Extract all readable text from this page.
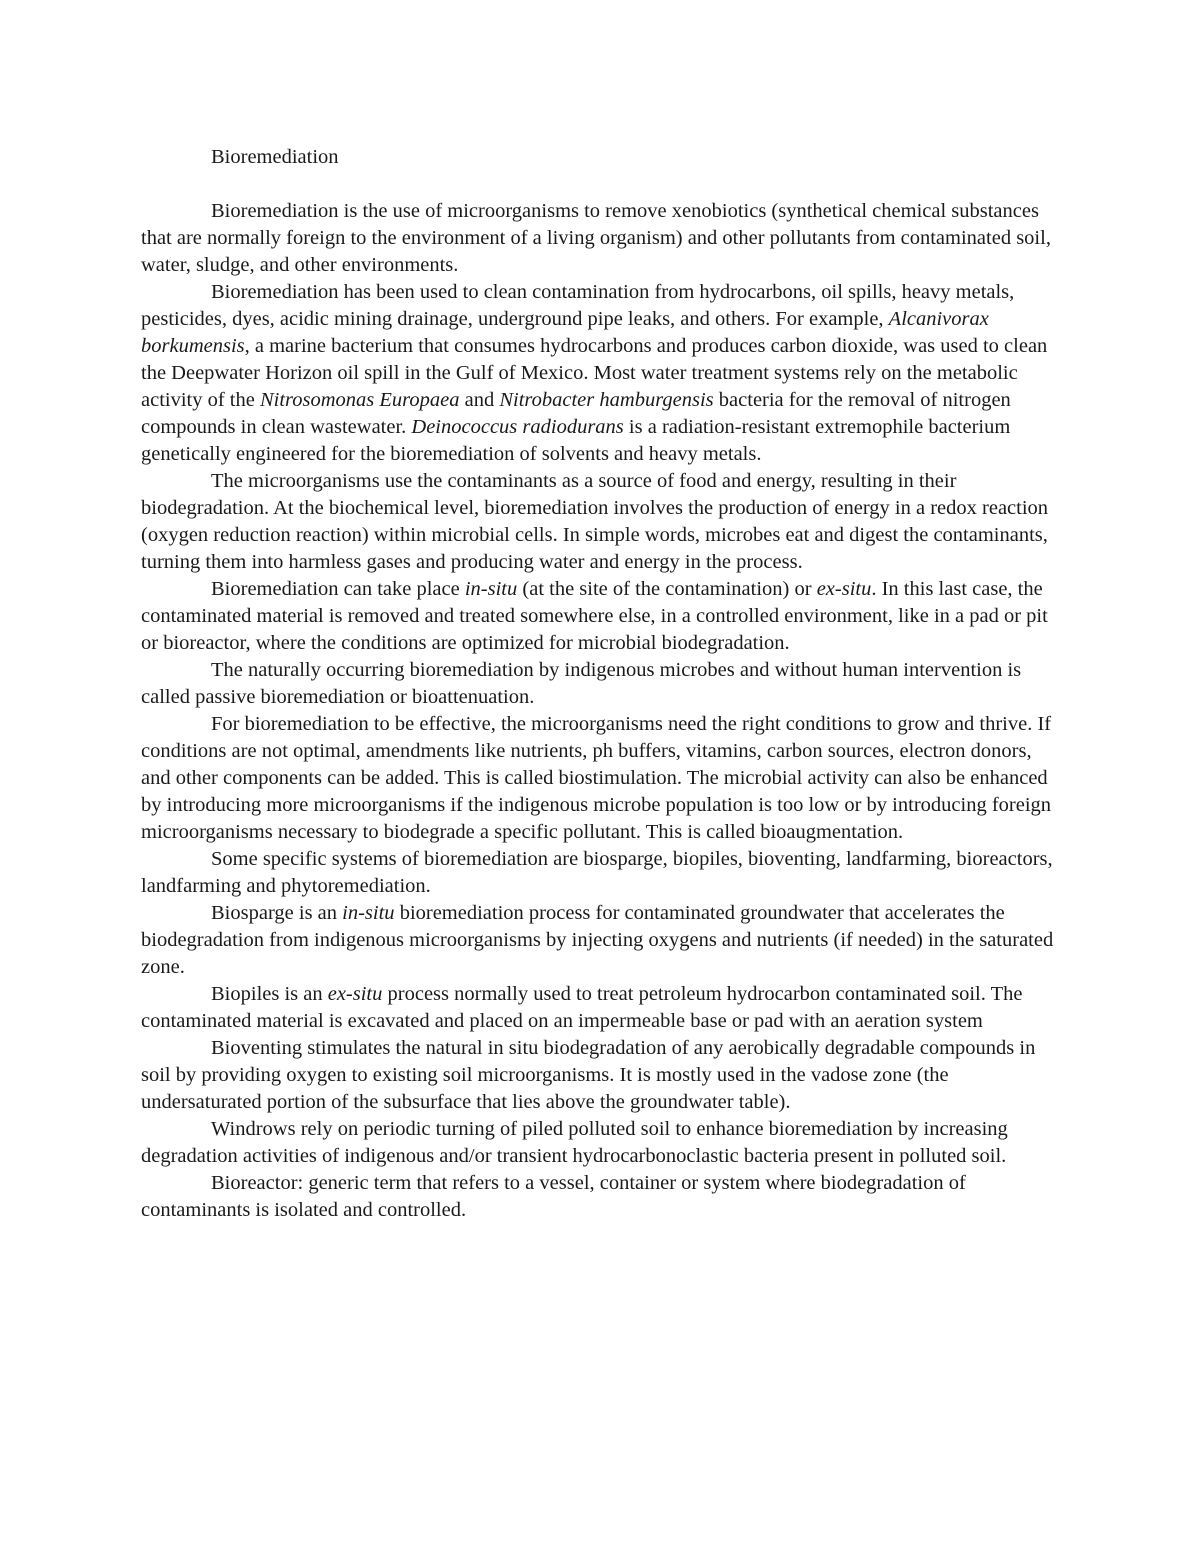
Bioremediation

Bioremediation is the use of microorganisms to remove xenobiotics (synthetical chemical substances that are normally foreign to the environment of a living organism) and other pollutants from contaminated soil, water, sludge, and other environments.

Bioremediation has been used to clean contamination from hydrocarbons, oil spills, heavy metals, pesticides, dyes, acidic mining drainage, underground pipe leaks, and others. For example, Alcanivorax borkumensis, a marine bacterium that consumes hydrocarbons and produces carbon dioxide, was used to clean the Deepwater Horizon oil spill in the Gulf of Mexico. Most water treatment systems rely on the metabolic activity of the Nitrosomonas Europaea and Nitrobacter hamburgensis bacteria for the removal of nitrogen compounds in clean wastewater. Deinococcus radiodurans is a radiation-resistant extremophile bacterium genetically engineered for the bioremediation of solvents and heavy metals.

The microorganisms use the contaminants as a source of food and energy, resulting in their biodegradation. At the biochemical level, bioremediation involves the production of energy in a redox reaction (oxygen reduction reaction) within microbial cells. In simple words, microbes eat and digest the contaminants, turning them into harmless gases and producing water and energy in the process.

Bioremediation can take place in-situ (at the site of the contamination) or ex-situ. In this last case, the contaminated material is removed and treated somewhere else, in a controlled environment, like in a pad or pit or bioreactor, where the conditions are optimized for microbial biodegradation.

The naturally occurring bioremediation by indigenous microbes and without human intervention is called passive bioremediation or bioattenuation.

For bioremediation to be effective, the microorganisms need the right conditions to grow and thrive. If conditions are not optimal, amendments like nutrients, ph buffers, vitamins, carbon sources, electron donors, and other components can be added. This is called biostimulation. The microbial activity can also be enhanced by introducing more microorganisms if the indigenous microbe population is too low or by introducing foreign microorganisms necessary to biodegrade a specific pollutant. This is called bioaugmentation.

Some specific systems of bioremediation are biosparge, biopiles, bioventing, landfarming, bioreactors, landfarming and phytoremediation.

Biosparge is an in-situ bioremediation process for contaminated groundwater that accelerates the biodegradation from indigenous microorganisms by injecting oxygens and nutrients (if needed) in the saturated zone.

Biopiles is an ex-situ process normally used to treat petroleum hydrocarbon contaminated soil. The contaminated material is excavated and placed on an impermeable base or pad with an aeration system

Bioventing stimulates the natural in situ biodegradation of any aerobically degradable compounds in soil by providing oxygen to existing soil microorganisms. It is mostly used in the vadose zone (the undersaturated portion of the subsurface that lies above the groundwater table).

Windrows rely on periodic turning of piled polluted soil to enhance bioremediation by increasing degradation activities of indigenous and/or transient hydrocarbonoclastic bacteria present in polluted soil.

Bioreactor: generic term that refers to a vessel, container or system where biodegradation of contaminants is isolated and controlled.
